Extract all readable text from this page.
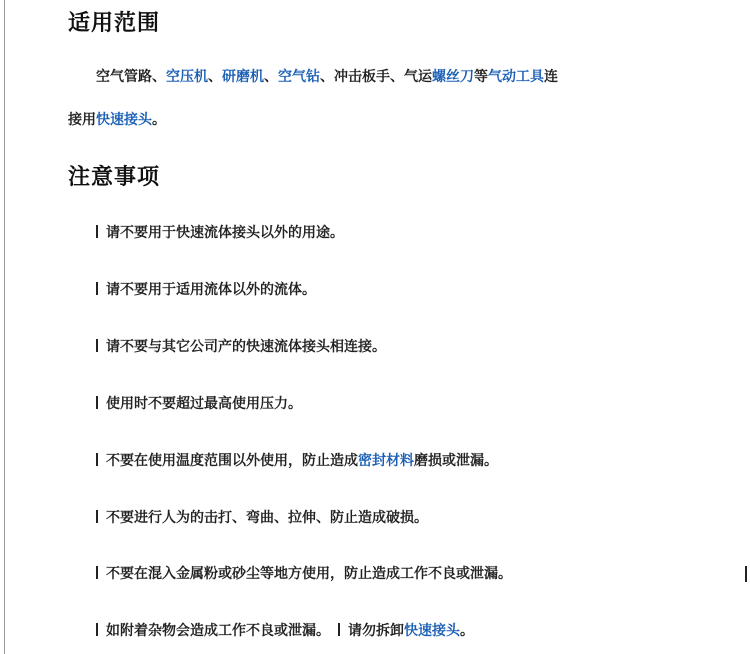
适用范围
空气管路、空压机、研磨机、空气钻、冲击板手、气运螺丝刀等气动工具连
接用快速接头。
注意事项
请不要用于快速流体接头以外的用途。
请不要用于适用流体以外的流体。
请不要与其它公司产的快速流体接头相连接。
使用时不要超过最高使用压力。
不要在使用温度范围以外使用，防止造成密封材料磨损或泄漏。
不要进行人为的击打、弯曲、拉伸、防止造成破损。
不要在混入金属粉或砂尘等地方使用，防止造成工作不良或泄漏。
如附着杂物会造成工作不良或泄漏。 请勿拆卸快速接头。
